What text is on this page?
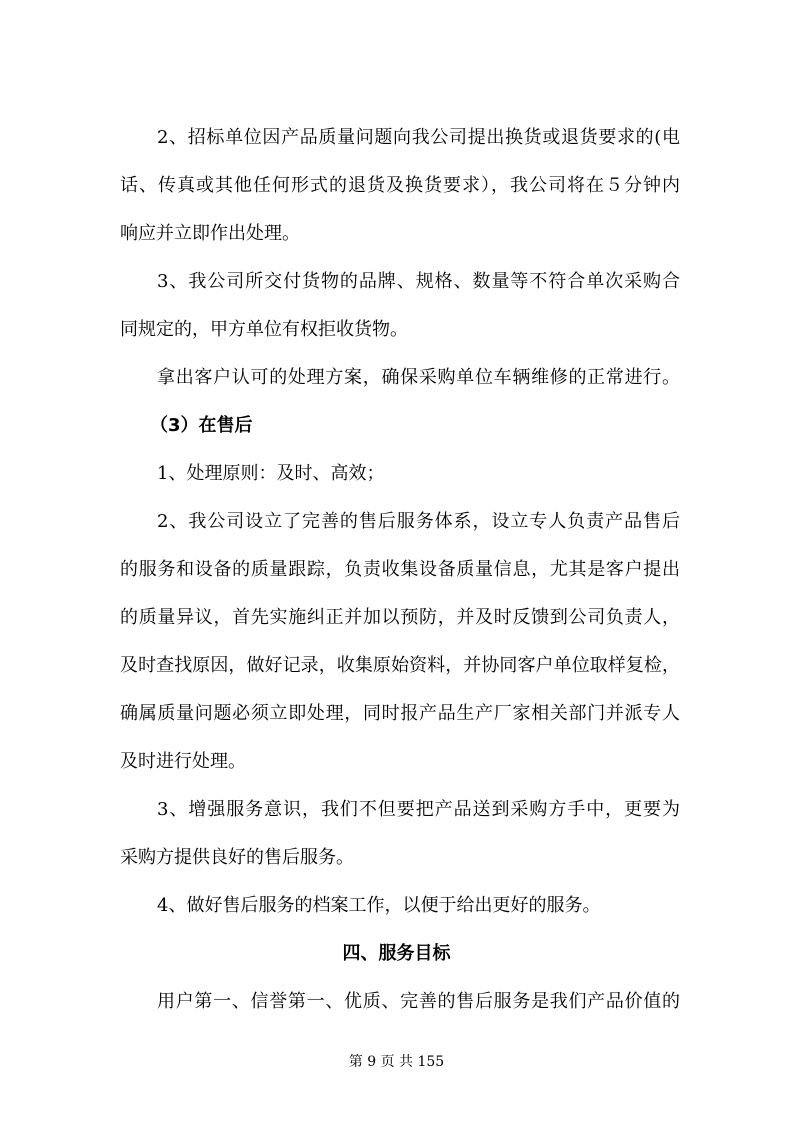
2、招标单位因产品质量问题向我公司提出换货或退货要求的(电
话、传真或其他任何形式的退货及换货要求），我公司将在５分钟内
响应并立即作出处理。
3、我公司所交付货物的品牌、规格、数量等不符合单次采购合
同规定的，甲方单位有权拒收货物。
拿出客户认可的处理方案，确保采购单位车辆维修的正常进行。
（3）在售后
1、处理原则：及时、高效；
2、我公司设立了完善的售后服务体系，设立专人负责产品售后
的服务和设备的质量跟踪，负责收集设备质量信息，尤其是客户提出
的质量异议，首先实施纠正并加以预防，并及时反馈到公司负责人，
及时查找原因，做好记录，收集原始资料，并协同客户单位取样复检，
确属质量问题必须立即处理，同时报产品生产厂家相关部门并派专人
及时进行处理。
3、增强服务意识，我们不但要把产品送到采购方手中，更要为
采购方提供良好的售后服务。
4、做好售后服务的档案工作，以便于给出更好的服务。
四、服务目标
用户第一、信誉第一、优质、完善的售后服务是我们产品价值的
第 9 页 共 155
